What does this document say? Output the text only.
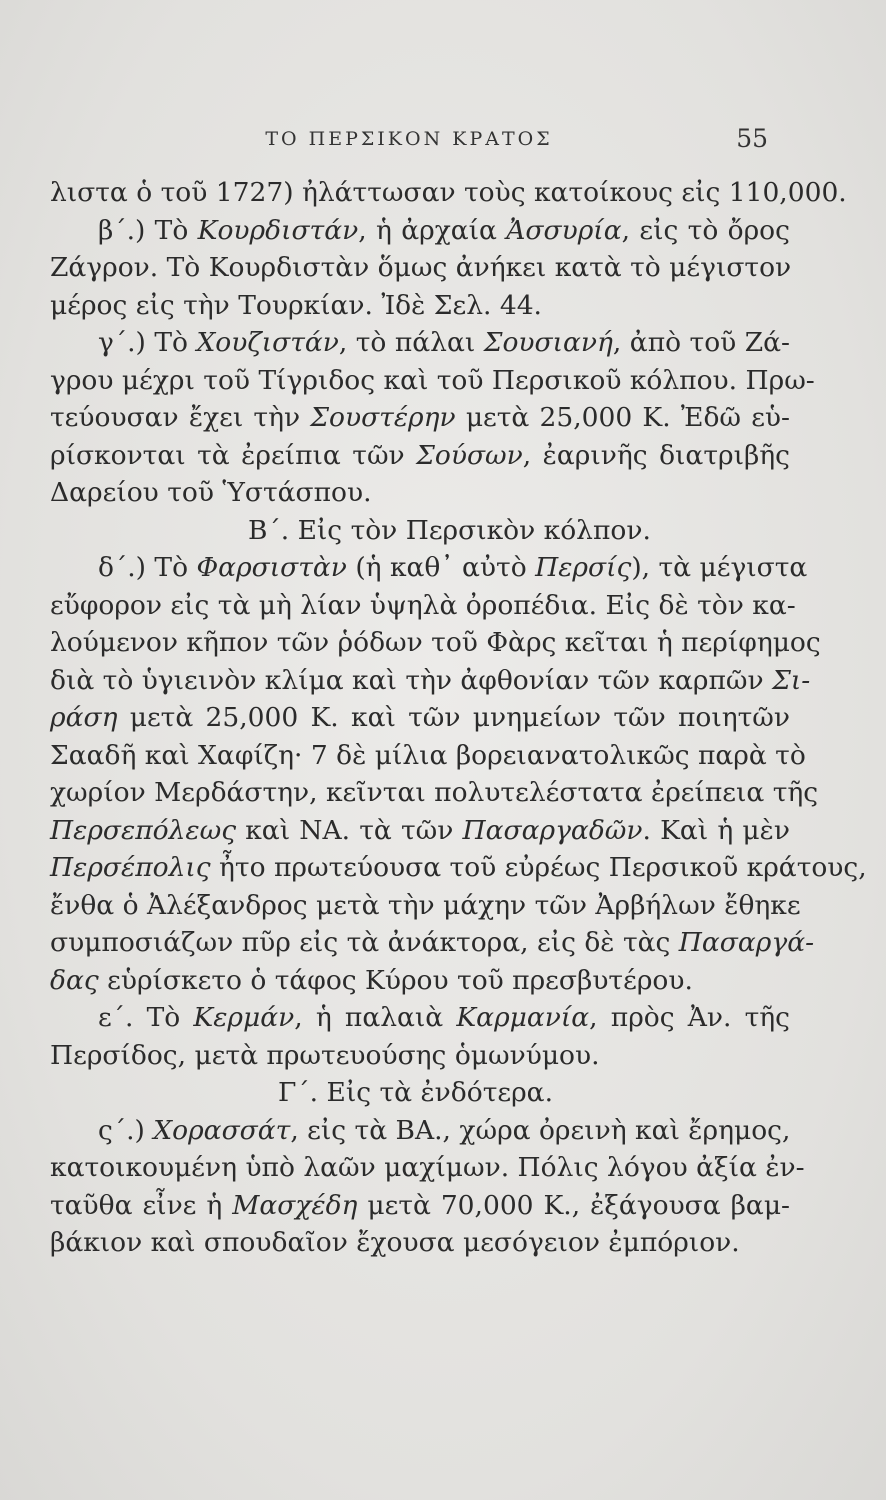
ΤΟ ΠΕΡΣΙΚΟΝ ΚΡΑΤΟΣ	55
λιστα ὁ τοῦ 1727) ἠλάττωσαν τοὺς κατοίκους εἰς 110,000.
β΄.) Τὸ Κουρδιστάν, ἡ ἀρχαία Ἀσσυρία, εἰς τὸ ὄρος
Ζάγρον. Τὸ Κουρδιστὰν ὅμως ἀνήκει κατὰ τὸ μέγιστον
μέρος εἰς τὴν Τουρκίαν. Ἰδὲ Σελ. 44.
γ΄.) Τὸ Χουζιστάν, τὸ πάλαι Σουσιανή, ἀπὸ τοῦ Ζά-
γρου μέχρι τοῦ Τίγριδος καὶ τοῦ Περσικοῦ κόλπου. Πρω-
τεύουσαν ἔχει τὴν Σουστέρην μετὰ 25,000 Κ. Ἐδῶ εὑ-
ρίσκονται τὰ ἐρείπια τῶν Σούσων, ἐαρινῆς διατριβῆς
Δαρείου τοῦ Ὑστάσπου.
Β΄. Εἰς τὸν Περσικὸν κόλπον.
δ΄.) Τὸ Φαρσιστὰν (ἡ καθ᾽ αὐτὸ Περσίς), τὰ μέγιστα
εὔφορον εἰς τὰ μὴ λίαν ὑψηλὰ ὀροπέδια. Εἰς δὲ τὸν κα-
λούμενον κῆπον τῶν ῥόδων τοῦ Φὰρς κεῖται ἡ περίφημος
διὰ τὸ ὑγιεινὸν κλίμα καὶ τὴν ἀφθονίαν τῶν καρπῶν Σι-
ράση μετὰ 25,000 Κ. καὶ τῶν μνημείων τῶν ποιητῶν
Σααδῆ καὶ Χαφίζη· 7 δὲ μίλια βορειανατολικῶς παρὰ τὸ
χωρίον Μερδάστην, κεῖνται πολυτελέστατα ἐρείπεια τῆς
Περσεπόλεως καὶ ΝΑ. τὰ τῶν Πασαργαδῶν. Καὶ ἡ μὲν
Περσέπολις ἦτο πρωτεύουσα τοῦ εὐρέως Περσικοῦ κράτους,
ἔνθα ὁ Ἀλέξανδρος μετὰ τὴν μάχην τῶν Ἀρβήλων ἔθηκε
συμποσιάζων πῦρ εἰς τὰ ἀνάκτορα, εἰς δὲ τὰς Πασαργά-
δας εὑρίσκετο ὁ τάφος Κύρου τοῦ πρεσβυτέρου.
ε΄. Τὸ Κερμάν, ἡ παλαιὰ Καρμανία, πρὸς Ἀν. τῆς
Περσίδος, μετὰ πρωτευούσης ὁμωνύμου.
Γ΄. Εἰς τὰ ἐνδότερα.
ς΄.) Χορασσάτ, εἰς τὰ ΒΑ., χώρα ὀρεινὴ καὶ ἔρημος,
κατοικουμένη ὑπὸ λαῶν μαχίμων. Πόλις λόγου ἀξία ἐν-
ταῦθα εἶνε ἡ Μασχέδη μετὰ 70,000 Κ., ἐξάγουσα βαμ-
βάκιον καὶ σπουδαῖον ἔχουσα μεσόγειον ἐμπόριον.
